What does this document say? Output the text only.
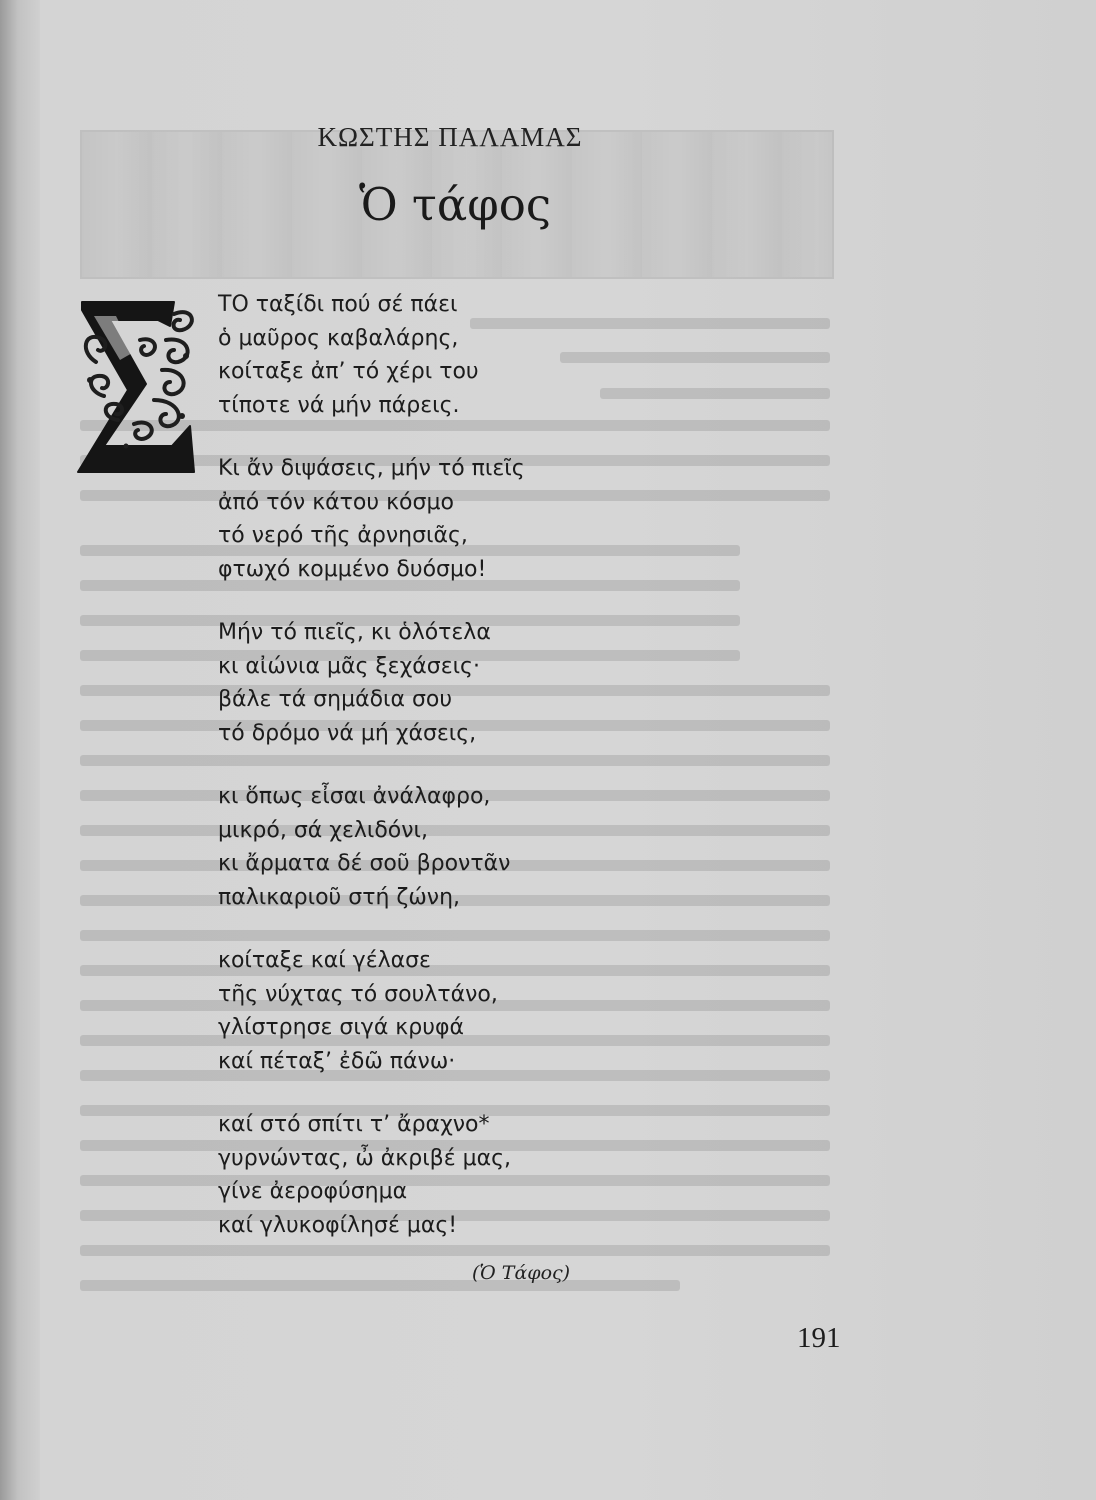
ΚΩΣΤΗΣ ΠΑΛΑΜΑΣ
Ὁ τάφος
ΤΟ ταξίδι πού σέ πάει
ὁ μαῦρος καβαλάρης,
κοίταξε ἀπ’ τό χέρι του
τίποτε νά μήν πάρεις.
Κι ἄν διψάσεις, μήν τό πιεῖς
ἀπό τόν κάτου κόσμο
τό νερό τῆς ἀρνησιᾶς,
φτωχό κομμένο δυόσμο!
Μήν τό πιεῖς, κι ὁλότελα
κι αἰώνια μᾶς ξεχάσεις·
βάλε τά σημάδια σου
τό δρόμο νά μή χάσεις,
κι ὅπως εἶσαι ἀνάλαφρο,
μικρό, σά χελιδόνι,
κι ἄρματα δέ σοῦ βροντᾶν
παλικαριοῦ στή ζώνη,
κοίταξε καί γέλασε
τῆς νύχτας τό σουλτάνο,
γλίστρησε σιγά κρυφά
καί πέταξ’ ἐδῶ πάνω·
καί στό σπίτι τ’ ἄραχνο*
γυρνώντας, ὦ ἀκριβέ μας,
γίνε ἀεροφύσημα
καί γλυκοφίλησέ μας!
(Ὁ Τάφος)
191
